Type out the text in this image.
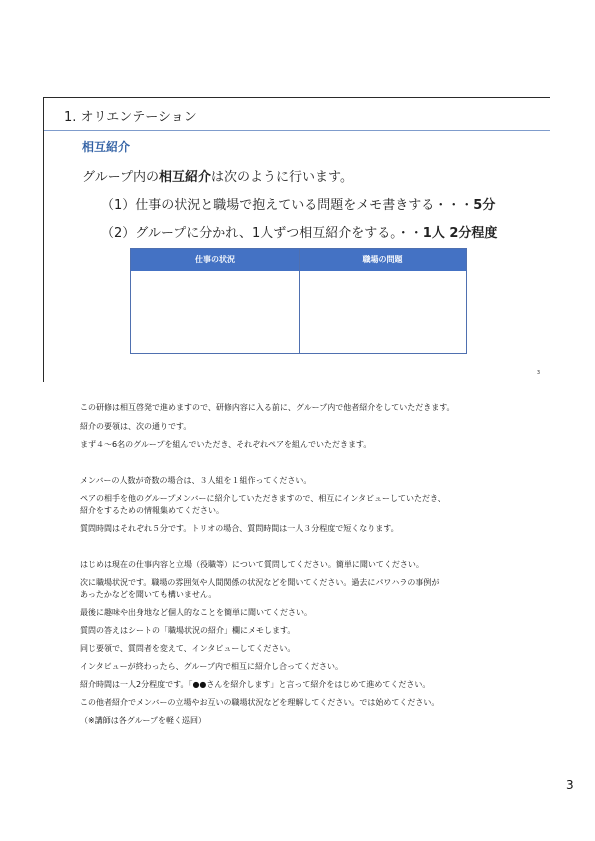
1. オリエンテーション
相互紹介
グループ内の相互紹介は次のように行います。
（1）仕事の状況と職場で抱えている問題をメモ書きする・・・5分
（2）グループに分かれ、1人ずつ相互紹介をする。・・1人 2分程度
仕事の状況	職場の問題
3
この研修は相互啓発で進めますので、研修内容に入る前に、グループ内で他者紹介をしていただきます。
紹介の要領は、次の通りです。
まず４～6名のグループを組んでいただき、それぞれペアを組んでいただきます。
メンバーの人数が奇数の場合は、３人組を１組作ってください。
ペアの相手を他のグループメンバーに紹介していただきますので、相互にインタビューしていただき、
紹介をするための情報集めてください。
質問時間はそれぞれ５分です。トリオの場合、質問時間は一人３分程度で短くなります。
はじめは現在の仕事内容と立場（役職等）について質問してください。簡単に聞いてください。
次に職場状況です。職場の雰囲気や人間関係の状況などを聞いてください。過去にパワハラの事例が
あったかなどを聞いても構いません。
最後に趣味や出身地など個人的なことを簡単に聞いてください。
質問の答えはシートの「職場状況の紹介」欄にメモします。
同じ要領で、質問者を変えて、インタビューしてください。
インタビューが終わったら、グループ内で相互に紹介し合ってください。
紹介時間は一人2分程度です。「●●さんを紹介します」と言って紹介をはじめて進めてください。
この他者紹介でメンバーの立場やお互いの職場状況などを理解してください。では始めてください。
（※講師は各グループを軽く巡回）
3
